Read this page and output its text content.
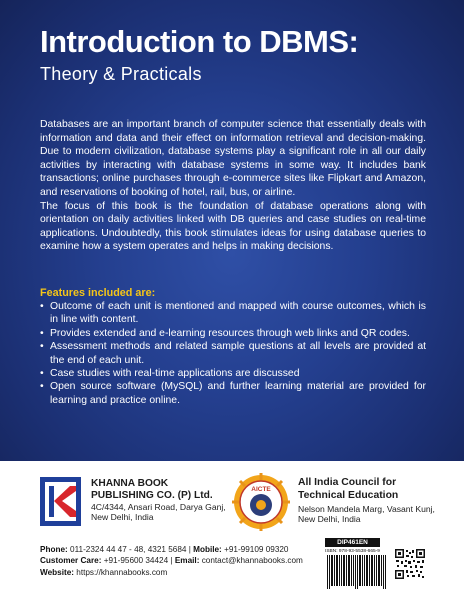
Introduction to DBMS:
Theory & Practicals

Databases are an important branch of computer science that essentially deals with information and data and their effect on information retrieval and decision-making. Due to modern civilization, database systems play a significant role in all our daily activities by interacting with database systems in some way. It includes bank transactions; online purchases through e-commerce sites like Flipkart and Amazon, and reservations of booking of hotel, rail, bus, or airline.

The focus of this book is the foundation of database operations along with orientation on daily activities linked with DB queries and case studies on real-time applications. Undoubtedly, this book stimulates ideas for using database queries to examine how a system operates and helps in making decisions.

Features included are:
• Outcome of each unit is mentioned and mapped with course outcomes, which is in line with content.
• Provides extended and e-learning resources through web links and QR codes.
• Assessment methods and related sample questions at all levels are provided at the end of each unit.
• Case studies with real-time applications are discussed
• Open source software (MySQL) and further learning material are provided for learning and practice online.
KHANNA BOOK
PUBLISHING CO. (P) Ltd.
4C/4344, Ansari Road, Darya Ganj,
New Delhi, India
AICTE
All India Council for
Technical Education
Nelson Mandela Marg, Vasant Kunj,
New Delhi, India
Phone: 011-2324 44 47 - 48, 4321 5684 | Mobile: +91-99109 09320
Customer Care: +91-95600 34424 | Email: contact@khannabooks.com
Website: https://khannabooks.com
DIP461EN
ISBN: 978-93-5538-665-9
